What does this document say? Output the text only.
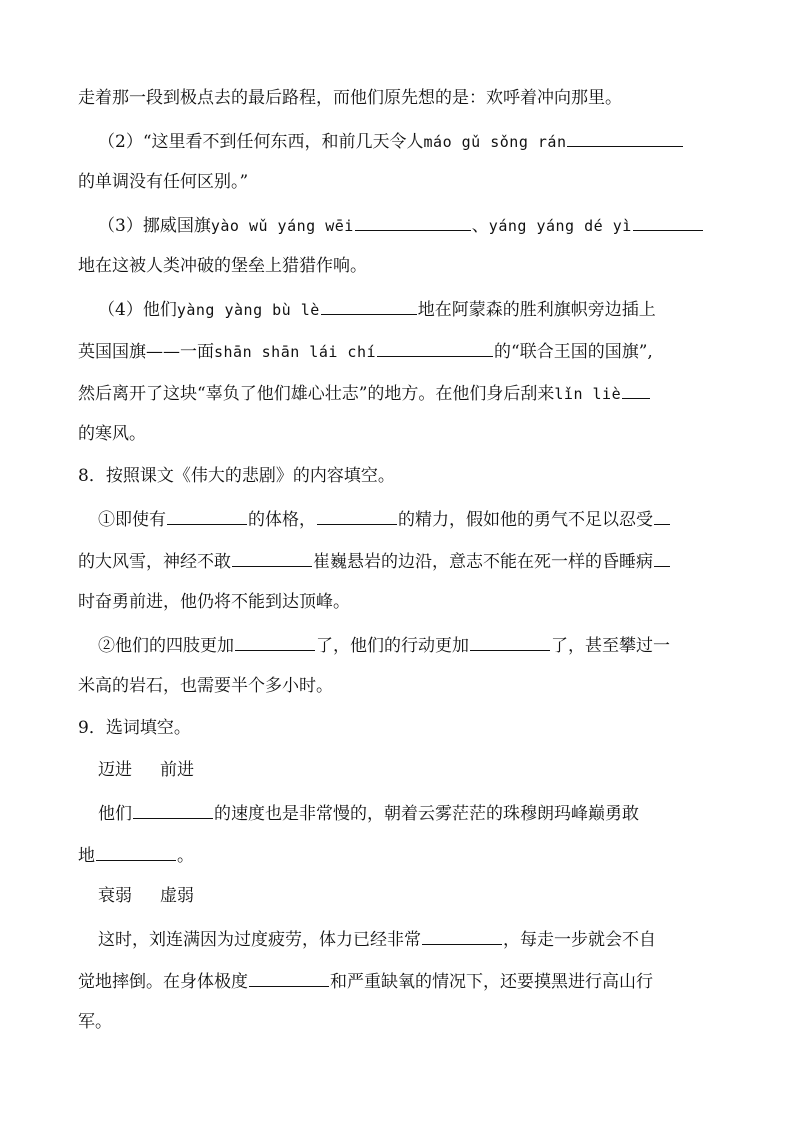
走着那一段到极点去的最后路程，而他们原先想的是：欢呼着冲向那里。
（2）“这里看不到任何东西，和前几天令人máo gǔ sǒng rán
的单调没有任何区别。”
（3）挪威国旗yào wǔ yáng wēi	、yáng yáng dé yì
地在这被人类冲破的堡垒上猎猎作响。
（4）他们yàng yàng bù lè	地在阿蒙森的胜利旗帜旁边插上
英国国旗——一面shān shān lái chí	的“联合王国的国旗”,
然后离开了这块“辜负了他们雄心壮志”的地方。在他们身后刮来lǐn liè
的寒风。
8．按照课文《伟大的悲剧》的内容填空。
①即使有	的体格，	的精力，假如他的勇气不足以忍受
的大风雪，神经不敢	崔巍悬岩的边沿，意志不能在死一样的昏睡病
时奋勇前进，他仍将不能到达顶峰。
②他们的四肢更加	了，他们的行动更加	了，甚至攀过一
米高的岩石，也需要半个多小时。
9．选词填空。
迈进 前进
他们	的速度也是非常慢的，朝着云雾茫茫的珠穆朗玛峰巅勇敢
地	。
衰弱 虚弱
这时，刘连满因为过度疲劳，体力已经非常	，每走一步就会不自
觉地摔倒。在身体极度	和严重缺氧的情况下，还要摸黑进行高山行
军。
